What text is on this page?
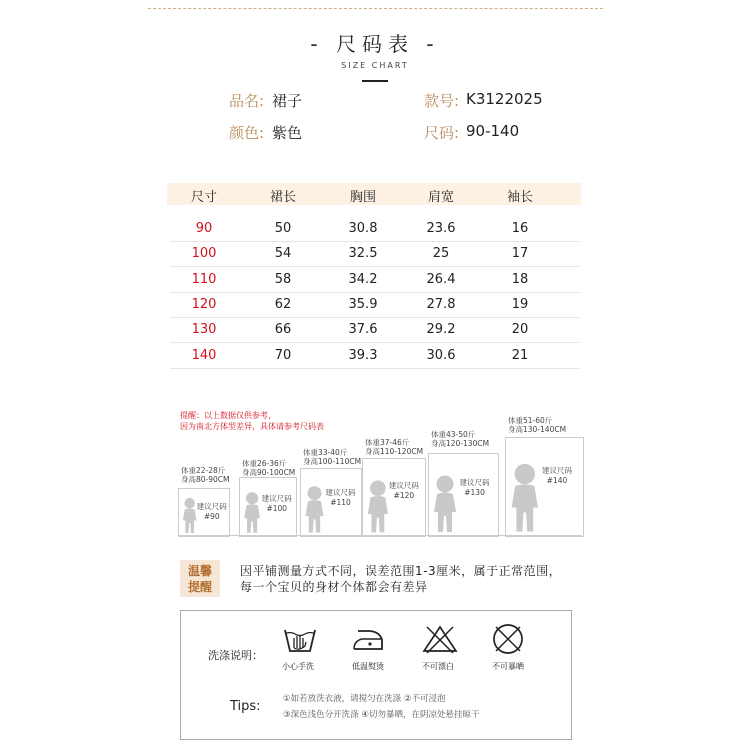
- 尺码表 -
SIZE CHART
品名: 裙子	款号: K3122025
颜色: 紫色	尺码: 90-140
尺寸	裙长	胸围	肩宽	袖长
90	50	30.8	23.6	16
100	54	32.5	25	17
110	58	34.2	26.4	18
120	62	35.9	27.8	19
130	66	37.6	29.2	20
140	70	39.3	30.6	21
提醒：以上数据仅供参考，
因为南北方体型差异，具体请参考尺码表
建议尺码
#90
体重22-28斤
身高80-90CM
建议尺码
#100
体重26-36斤
身高90-100CM
建议尺码
#110
体重33-40斤
身高100-110CM
建议尺码
#120
体重37-46斤
身高110-120CM
建议尺码
#130
体重43-50斤
身高120-130CM
建议尺码
#140
体重51-60斤
身高130-140CM
温馨
提醒
因平铺测量方式不同，误差范围1-3厘米，属于正常范围，
每一个宝贝的身材个体都会有差异
洗涤说明：
小心手洗	低温熨烫	不可漂白	不可暴晒
Tips:	①如若放洗衣液，请搅匀在洗涤 ②不可浸泡
③深色浅色分开洗涤 ④切勿暴晒，在阴凉处悬挂晾干
